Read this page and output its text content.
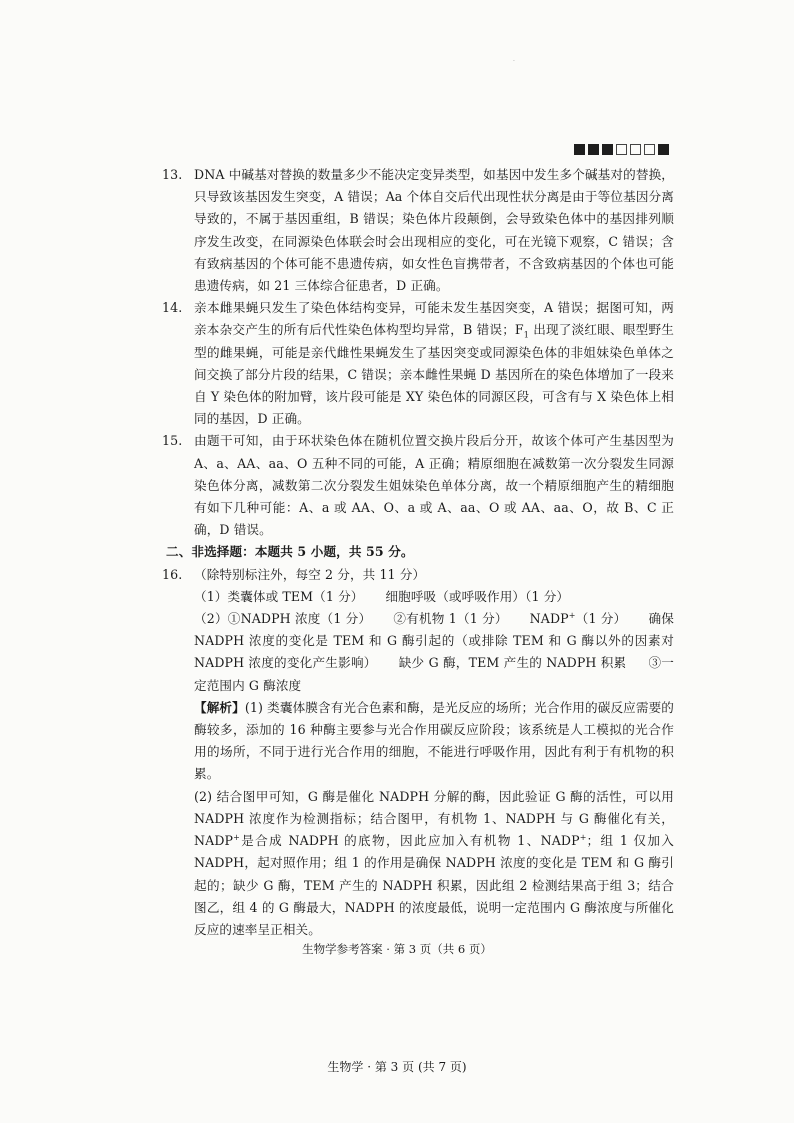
·
13. DNA 中碱基对替换的数量多少不能决定变异类型，如基因中发生多个碱基对的替换，只导致该基因发生突变，A 错误；Aa 个体自交后代出现性状分离是由于等位基因分离导致的，不属于基因重组，B 错误；染色体片段颠倒，会导致染色体中的基因排列顺序发生改变，在同源染色体联会时会出现相应的变化，可在光镜下观察，C 错误；含有致病基因的个体可能不患遗传病，如女性色盲携带者，不含致病基因的个体也可能患遗传病，如 21 三体综合征患者，D 正确。
14. 亲本雌果蝇只发生了染色体结构变异，可能未发生基因突变，A 错误；据图可知，两亲本杂交产生的所有后代性染色体构型均异常，B 错误；$F_1$ 出现了淡红眼、眼型野生型的雌果蝇，可能是亲代雌性果蝇发生了基因突变或同源染色体的非姐妹染色单体之间交换了部分片段的结果，C 错误；亲本雌性果蝇 D 基因所在的染色体增加了一段来自 Y 染色体的附加臂，该片段可能是 XY 染色体的同源区段，可含有与 X 染色体上相同的基因，D 正确。
15. 由题干可知，由于环状染色体在随机位置交换片段后分开，故该个体可产生基因型为 A、a、AA、aa、O 五种不同的可能，A 正确；精原细胞在减数第一次分裂发生同源染色体分离，减数第二次分裂发生姐妹染色单体分离，故一个精原细胞产生的精细胞有如下几种可能：A、a 或 AA、O、a 或 A、aa、O 或 AA、aa、O，故 B、C 正确，D 错误。
二、非选择题：本题共 5 小题，共 55 分。
16. （除特别标注外，每空 2 分，共 11 分）
（1）类囊体或 TEM（1 分） 细胞呼吸（或呼吸作用）（1 分）
（2）①NADPH 浓度（1 分） ②有机物 1（1 分） NADP+（1 分） 确保 NADPH 浓度的变化是 TEM 和 G 酶引起的（或排除 TEM 和 G 酶以外的因素对 NADPH 浓度的变化产生影响） 缺少 G 酶，TEM 产生的 NADPH 积累 ③一定范围内 G 酶浓度
【解析】(1) 类囊体膜含有光合色素和酶，是光反应的场所；光合作用的碳反应需要的酶较多，添加的 16 种酶主要参与光合作用碳反应阶段；该系统是人工模拟的光合作用的场所，不同于进行光合作用的细胞，不能进行呼吸作用，因此有利于有机物的积累。
(2) 结合图甲可知，G 酶是催化 NADPH 分解的酶，因此验证 G 酶的活性，可以用 NADPH 浓度作为检测指标；结合图甲，有机物 1、NADPH 与 G 酶催化有关，NADP+是合成 NADPH 的底物，因此应加入有机物 1、NADP+；组 1 仅加入 NADPH，起对照作用；组 1 的作用是确保 NADPH 浓度的变化是 TEM 和 G 酶引起的；缺少 G 酶，TEM 产生的 NADPH 积累，因此组 2 检测结果高于组 3；结合图乙，组 4 的 G 酶最大，NADPH 的浓度最低，说明一定范围内 G 酶浓度与所催化反应的速率呈正相关。
生物学参考答案 · 第 3 页（共 6 页）
生物学 · 第 3 页 (共 7 页)
